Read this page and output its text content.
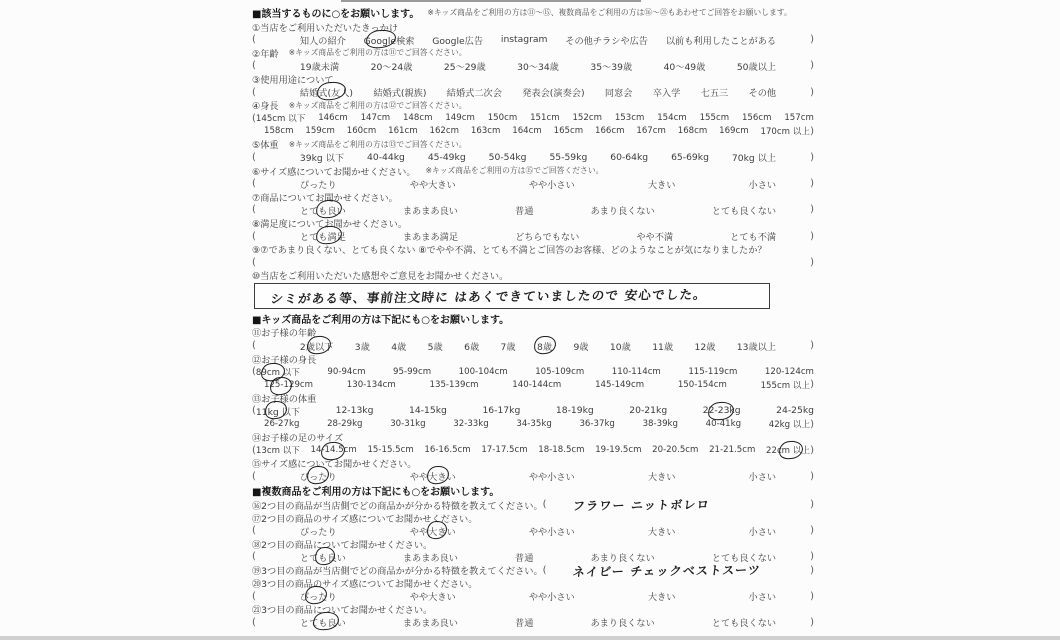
■該当するものに○をお願いします。 ※キッズ商品をご利用の方は⑪〜⑮、複数商品をご利用の方は⑯〜㉑もあわせてご回答をお願いします。
①当店をご利用いただいたきっかけ
(	知人の紹介 Google検索 Google広告 instagram その他チラシや広告 以前も利用したことがある	)
②年齢 ※キッズ商品をご利用の方は⑪でご回答ください。
(	19歳未満	20〜24歳	25〜29歳	30〜34歳	35〜39歳	40〜49歳	50歳以上	)
③使用用途について
(	結婚式(友人) 結婚式(親族) 結婚式二次会 発表会(演奏会) 同窓会 卒入学 七五三 その他	)
④身長 ※キッズ商品をご利用の方は⑫でご回答ください。
( 145cm 以下 146cm 147cm 148cm 149cm 150cm 151cm 152cm 153cm 154cm 155cm 156cm 157cm
158cm 159cm 160cm 161cm 162cm 163cm 164cm 165cm 166cm 167cm 168cm 169cm 170cm 以上 )
⑤体重 ※キッズ商品をご利用の方は⑬でご回答ください。
(	39kg 以下 40-44kg 45-49kg 50-54kg 55-59kg 60-64kg 65-69kg 70kg 以上	)
⑥サイズ感についてお聞かせください。 ※キッズ商品をご利用の方は⑮でご回答ください。
(	ぴったり	やや大きい	やや小さい	大きい	小さい	)
⑦商品についてお聞かせください。
(	とても良い	まあまあ良い	普通	あまり良くない	とても良くない	)
⑧満足度についてお聞かせください。
(	とても満足	まあまあ満足	どちらでもない	やや不満	とても不満	)
⑨⑦であまり良くない、とても良くない ⑧でやや不満、とても不満とご回答のお客様、どのようなことが気になりましたか？
(	)
⑩当店をご利用いただいた感想やご意見をお聞かせください。
シミがある等、事前注文時に はあくできていましたので 安心でした。
■キッズ商品をご利用の方は下記にも○をお願いします。
⑪お子様の年齢
(	2歳以下 3歳 4歳 5歳 6歳 7歳 8歳 9歳 10歳 11歳 12歳 13歳以上	)
⑫お子様の身長
( 89cm 以下	90-94cm	95-99cm	100-104cm	105-109cm	110-114cm	115-119cm	120-124cm
125-129cm	130-134cm	135-139cm	140-144cm	145-149cm	150-154cm	155cm 以上 )
⑬お子様の体重
( 11kg 以下	12-13kg	14-15kg	16-17kg	18-19kg	20-21kg	22-23kg	24-25kg
26-27kg	28-29kg	30-31kg	32-33kg	34-35kg	36-37kg	38-39kg	40-41kg	42kg 以上 )
⑭お子様の足のサイズ
( 13cm 以下 14-14.5cm 15-15.5cm 16-16.5cm 17-17.5cm 18-18.5cm 19-19.5cm 20-20.5cm 21-21.5cm 22cm 以上 )
⑮サイズ感についてお聞かせください。
(	ぴったり	やや大きい	やや小さい	大きい	小さい	)
■複数商品をご利用の方は下記にも○をお願いします。
⑯2つ目の商品が当店側でどの商品かが分かる特徴を教えてください。 (	フラワー ニットボレロ	)
⑰2つ目の商品のサイズ感についてお聞かせください。
(	ぴったり	やや大きい	やや小さい	大きい	小さい	)
⑱2つ目の商品についてお聞かせください。
(	とても良い	まあまあ良い	普通	あまり良くない	とても良くない	)
⑲3つ目の商品が当店側でどの商品かが分かる特徴を教えてください。 (	ネイビー チェックベストスーツ	)
⑳3つ目の商品のサイズ感についてお聞かせください。
(	ぴったり	やや大きい	やや小さい	大きい	小さい	)
㉑3つ目の商品についてお聞かせください。
(	とても良い	まあまあ良い	普通	あまり良くない	とても良くない	)
